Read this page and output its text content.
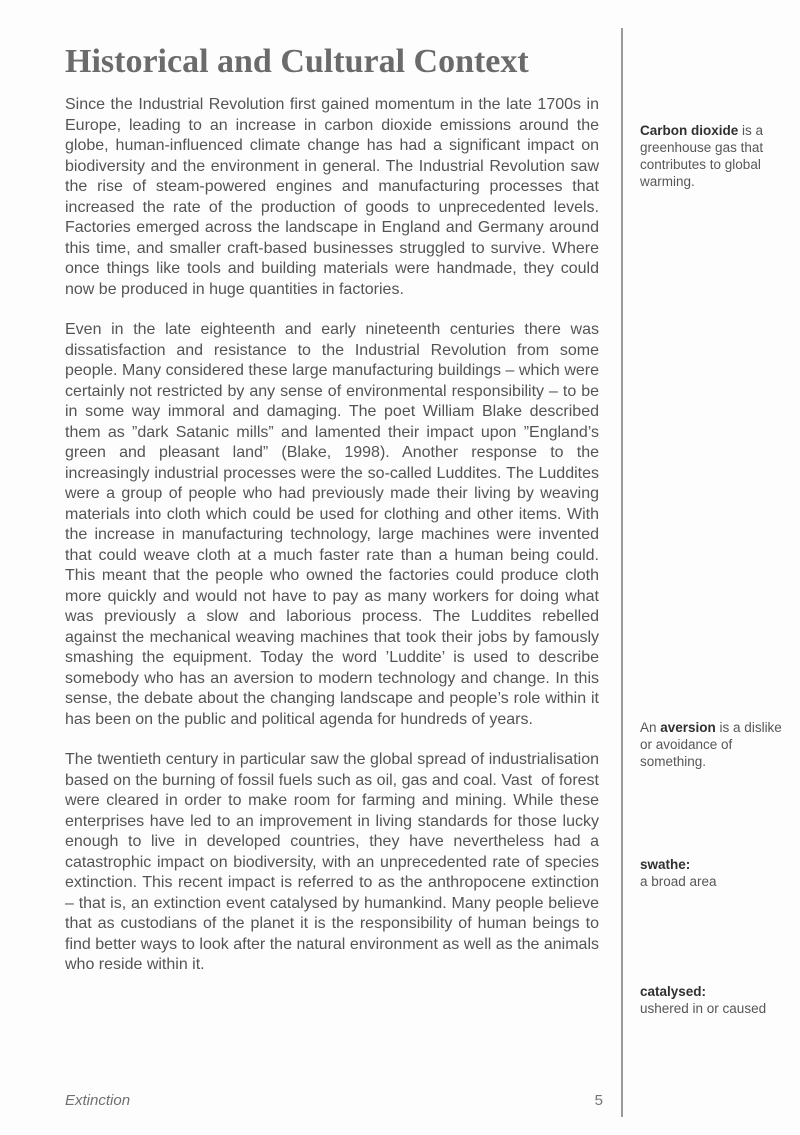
Historical and Cultural Context

Since the Industrial Revolution first gained momentum in the late 1700s in Europe, leading to an increase in carbon dioxide emissions around the globe, human-influenced climate change has had a significant impact on biodiversity and the environment in general. The Industrial Revolution saw the rise of steam-powered engines and manufacturing processes that increased the rate of the production of goods to unprecedented levels. Factories emerged across the landscape in England and Germany around this time, and smaller craft-based businesses struggled to survive. Where once things like tools and building materials were handmade, they could now be produced in huge quantities in factories.

Even in the late eighteenth and early nineteenth centuries there was dissatisfaction and resistance to the Industrial Revolution from some people. Many considered these large manufacturing buildings – which were certainly not restricted by any sense of environmental responsibility – to be in some way immoral and damaging. The poet William Blake described them as ”dark Satanic mills” and lamented their impact upon ”England’s green and pleasant land” (Blake, 1998). Another response to the increasingly industrial processes were the so-called Luddites. The Luddites were a group of people who had previously made their living by weaving materials into cloth which could be used for clothing and other items. With the increase in manufacturing technology, large machines were invented that could weave cloth at a much faster rate than a human being could. This meant that the people who owned the factories could produce cloth more quickly and would not have to pay as many workers for doing what was previously a slow and laborious process. The Luddites rebelled against the mechanical weaving machines that took their jobs by famously smashing the equipment. Today the word ’Luddite’ is used to describe somebody who has an aversion to modern technology and change. In this sense, the debate about the changing landscape and people’s role within it has been on the public and political agenda for hundreds of years.

The twentieth century in particular saw the global spread of industrialisation based on the burning of fossil fuels such as oil, gas and coal. Vast  of forest were cleared in order to make room for farming and mining. While these enterprises have led to an improvement in living standards for those lucky enough to live in developed countries, they have nevertheless had a catastrophic impact on biodiversity, with an unprecedented rate of species extinction. This recent impact is referred to as the anthropocene extinction – that is, an extinction event catalysed by humankind. Many people believe that as custodians of the planet it is the responsibility of human beings to find better ways to look after the natural environment as well as the animals who reside within it.

Carbon dioxide is a greenhouse gas that contributes to global warming.
An aversion is a dislike or avoidance of something.
swathe:
a broad area
catalysed:
ushered in or caused
Extinction	5
